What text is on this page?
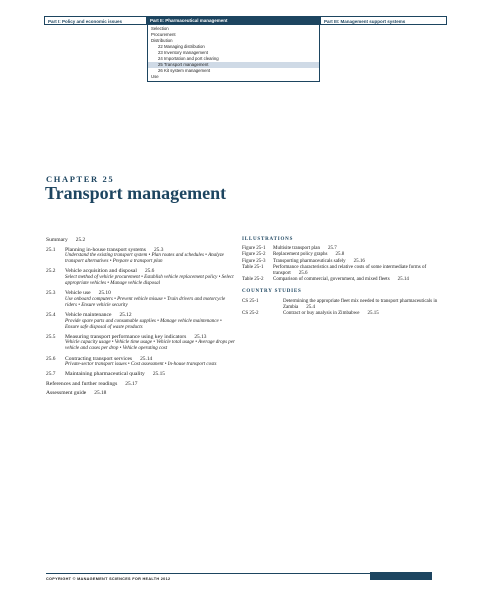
Part I: Policy and economic issues	Part II: Pharmaceutical management	Part III: Management support systems
Selection
Procurement
Distribution
22 Managing distribution
23 Inventory management
24 Importation and port clearing
25 Transport management
26 Kit system management
Use
CHAPTER 25
Transport management
Summary 25.2
25.1	Planning in-house transport systems 25.3
Understand the existing transport system • Plan routes and schedules • Analyze transport alternatives • Prepare a transport plan
25.2	Vehicle acquisition and disposal 25.6
Select method of vehicle procurement • Establish vehicle replacement policy • Select appropriate vehicles • Manage vehicle disposal
25.3	Vehicle use 25.10
Use onboard computers • Prevent vehicle misuse • Train drivers and motorcycle riders • Ensure vehicle security
25.4	Vehicle maintenance 25.12
Provide spare parts and consumable supplies • Manage vehicle maintenance • Ensure safe disposal of waste products
25.5	Measuring transport performance using key indicators 25.13
Vehicle capacity usage • Vehicle time usage • Vehicle total usage • Average drops per vehicle and cases per drop • Vehicle operating cost
25.6	Contracting transport services 25.14
Private-sector transport issues • Cost assessment • In-house transport costs
25.7	Maintaining pharmaceutical quality 25.15
References and further readings 25.17
Assessment guide 25.18
ILLUSTRATIONS
Figure 25-1	Multisite transport plan 25.7
Figure 25-2	Replacement policy graphs 25.8
Figure 25-3	Transporting pharmaceuticals safely 25.16
Table 25-1	Performance characteristics and relative costs of some intermediate forms of transport 25.6
Table 25-2	Comparison of commercial, government, and mixed fleets 25.14
COUNTRY STUDIES
CS 25-1	Determining the appropriate fleet mix needed to transport pharmaceuticals in Zambia 25.4
CS 25-2	Contract or buy analysis in Zimbabwe 25.15
COPYRIGHT © MANAGEMENT SCIENCES FOR HEALTH 2012
